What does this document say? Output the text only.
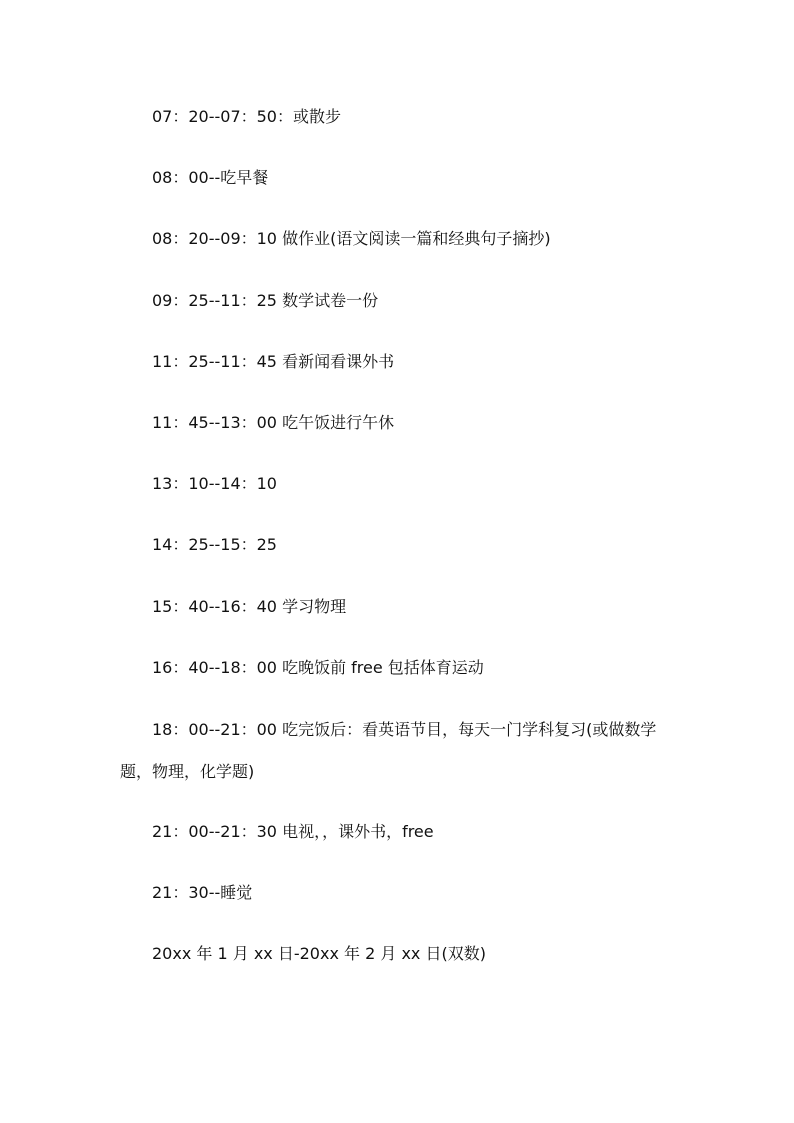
07：20--07：50：或散步
08：00--吃早餐
08：20--09：10 做作业(语文阅读一篇和经典句子摘抄)
09：25--11：25 数学试卷一份
11：25--11：45 看新闻看课外书
11：45--13：00 吃午饭进行午休
13：10--14：10
14：25--15：25
15：40--16：40 学习物理
16：40--18：00 吃晚饭前 free 包括体育运动
18：00--21：00 吃完饭后：看英语节目，每天一门学科复习(或做数学题，物理，化学题)
21：00--21：30 电视，，课外书，free
21：30--睡觉
20xx 年 1 月 xx 日-20xx 年 2 月 xx 日(双数)
